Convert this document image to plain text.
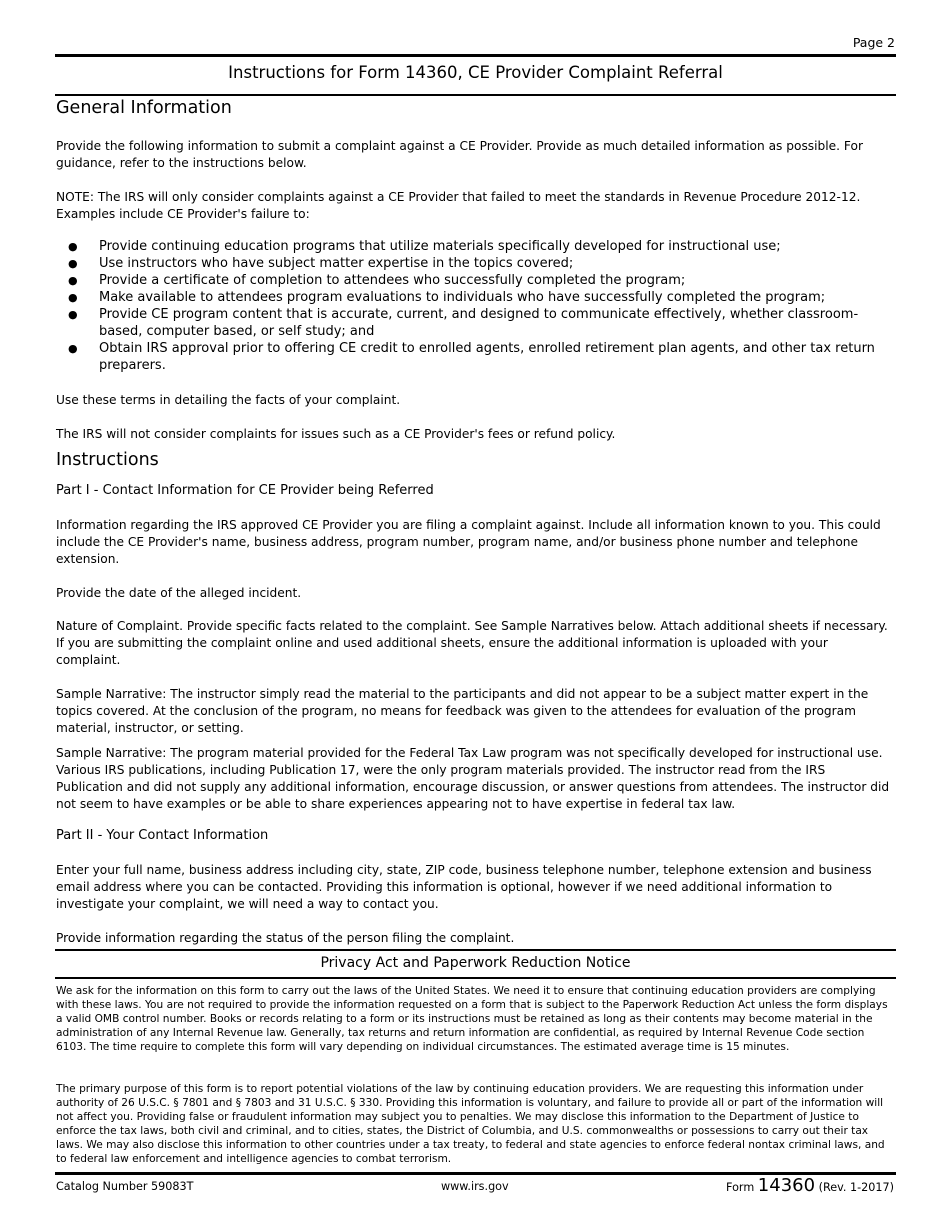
Page 2
Instructions for Form 14360, CE Provider Complaint Referral
General Information
Provide the following information to submit a complaint against a CE Provider. Provide as much detailed information as possible. For guidance, refer to the instructions below.
NOTE: The IRS will only consider complaints against a CE Provider that failed to meet the standards in Revenue Procedure 2012-12. Examples include CE Provider's failure to:
● Provide continuing education programs that utilize materials specifically developed for instructional use;
● Use instructors who have subject matter expertise in the topics covered;
● Provide a certificate of completion to attendees who successfully completed the program;
● Make available to attendees program evaluations to individuals who have successfully completed the program;
● Provide CE program content that is accurate, current, and designed to communicate effectively, whether classroom-based, computer based, or self study; and
● Obtain IRS approval prior to offering CE credit to enrolled agents, enrolled retirement plan agents, and other tax return preparers.
Use these terms in detailing the facts of your complaint.
The IRS will not consider complaints for issues such as a CE Provider's fees or refund policy.
Instructions
Part I - Contact Information for CE Provider being Referred
Information regarding the IRS approved CE Provider you are filing a complaint against. Include all information known to you. This could include the CE Provider's name, business address, program number, program name, and/or business phone number and telephone extension.
Provide the date of the alleged incident.
Nature of Complaint. Provide specific facts related to the complaint. See Sample Narratives below. Attach additional sheets if necessary. If you are submitting the complaint online and used additional sheets, ensure the additional information is uploaded with your complaint.
Sample Narrative: The instructor simply read the material to the participants and did not appear to be a subject matter expert in the topics covered. At the conclusion of the program, no means for feedback was given to the attendees for evaluation of the program material, instructor, or setting.
Sample Narrative: The program material provided for the Federal Tax Law program was not specifically developed for instructional use. Various IRS publications, including Publication 17, were the only program materials provided. The instructor read from the IRS Publication and did not supply any additional information, encourage discussion, or answer questions from attendees. The instructor did not seem to have examples or be able to share experiences appearing not to have expertise in federal tax law.
Part II - Your Contact Information
Enter your full name, business address including city, state, ZIP code, business telephone number, telephone extension and business email address where you can be contacted. Providing this information is optional, however if we need additional information to investigate your complaint, we will need a way to contact you.
Provide information regarding the status of the person filing the complaint.
Privacy Act and Paperwork Reduction Notice
We ask for the information on this form to carry out the laws of the United States. We need it to ensure that continuing education providers are complying with these laws. You are not required to provide the information requested on a form that is subject to the Paperwork Reduction Act unless the form displays a valid OMB control number. Books or records relating to a form or its instructions must be retained as long as their contents may become material in the administration of any Internal Revenue law. Generally, tax returns and return information are confidential, as required by Internal Revenue Code section 6103. The time require to complete this form will vary depending on individual circumstances. The estimated average time is 15 minutes.
The primary purpose of this form is to report potential violations of the law by continuing education providers. We are requesting this information under authority of 26 U.S.C. § 7801 and § 7803 and 31 U.S.C. § 330. Providing this information is voluntary, and failure to provide all or part of the information will not affect you. Providing false or fraudulent information may subject you to penalties. We may disclose this information to the Department of Justice to enforce the tax laws, both civil and criminal, and to cities, states, the District of Columbia, and U.S. commonwealths or possessions to carry out their tax laws. We may also disclose this information to other countries under a tax treaty, to federal and state agencies to enforce federal nontax criminal laws, and to federal law enforcement and intelligence agencies to combat terrorism.
Catalog Number 59083T	www.irs.gov	Form 14360 (Rev. 1-2017)
